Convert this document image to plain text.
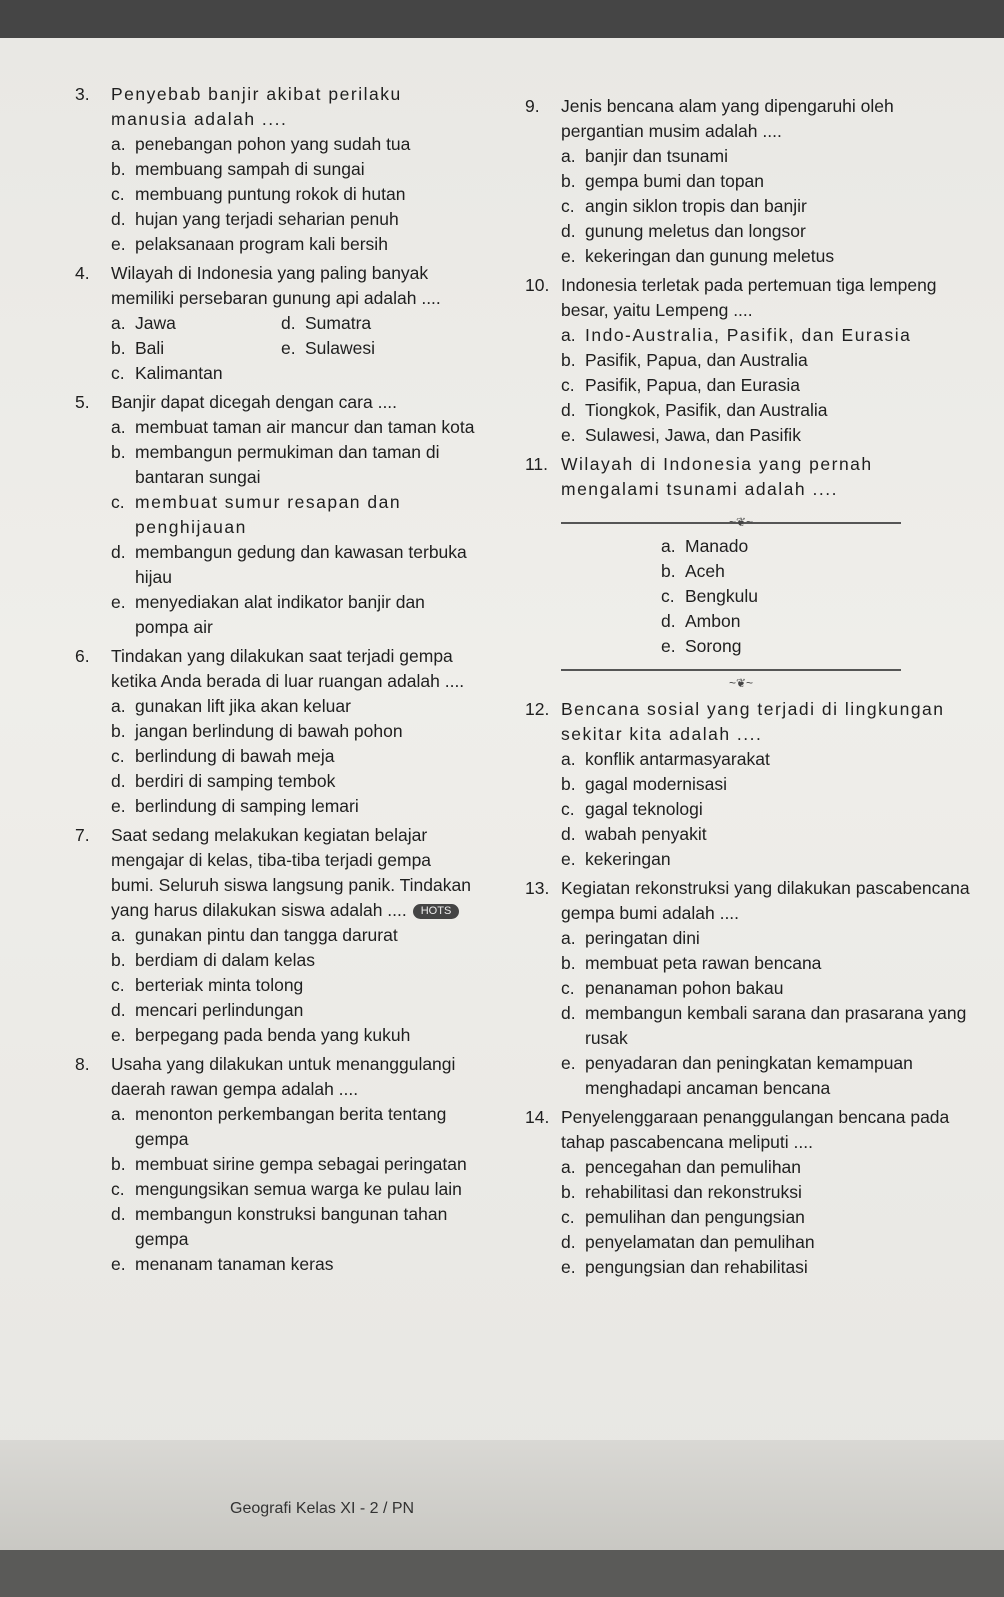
3.	Penyebab banjir akibat perilaku manusia adalah ....
a. penebangan pohon yang sudah tua
b. membuang sampah di sungai
c. membuang puntung rokok di hutan
d. hujan yang terjadi seharian penuh
e. pelaksanaan program kali bersih
4.	Wilayah di Indonesia yang paling banyak memiliki persebaran gunung api adalah ....
a. Jawa	d. Sumatra
b. Bali	e. Sulawesi
c. Kalimantan
5.	Banjir dapat dicegah dengan cara ....
a. membuat taman air mancur dan taman kota
b. membangun permukiman dan taman di bantaran sungai
c. membuat sumur resapan dan penghijauan
d. membangun gedung dan kawasan terbuka hijau
e. menyediakan alat indikator banjir dan pompa air
6.	Tindakan yang dilakukan saat terjadi gempa ketika Anda berada di luar ruangan adalah ....
a. gunakan lift jika akan keluar
b. jangan berlindung di bawah pohon
c. berlindung di bawah meja
d. berdiri di samping tembok
e. berlindung di samping lemari
7.	Saat sedang melakukan kegiatan belajar mengajar di kelas, tiba-tiba terjadi gempa bumi. Seluruh siswa langsung panik. Tindakan yang harus dilakukan siswa adalah .... HOTS
a. gunakan pintu dan tangga darurat
b. berdiam di dalam kelas
c. berteriak minta tolong
d. mencari perlindungan
e. berpegang pada benda yang kukuh
8.	Usaha yang dilakukan untuk menanggulangi daerah rawan gempa adalah ....
a. menonton perkembangan berita tentang gempa
b. membuat sirine gempa sebagai peringatan
c. mengungsikan semua warga ke pulau lain
d. membangun konstruksi bangunan tahan gempa
e. menanam tanaman keras
9.	Jenis bencana alam yang dipengaruhi oleh pergantian musim adalah ....
a. banjir dan tsunami
b. gempa bumi dan topan
c. angin siklon tropis dan banjir
d. gunung meletus dan longsor
e. kekeringan dan gunung meletus
10. Indonesia terletak pada pertemuan tiga lempeng besar, yaitu Lempeng ....
a. Indo-Australia, Pasifik, dan Eurasia
b. Pasifik, Papua, dan Australia
c. Pasifik, Papua, dan Eurasia
d. Tiongkok, Pasifik, dan Australia
e. Sulawesi, Jawa, dan Pasifik
11. Wilayah di Indonesia yang pernah mengalami tsunami adalah ....
~❦~
a. Manado
b. Aceh
c. Bengkulu
d. Ambon
e. Sorong
~❦~
12. Bencana sosial yang terjadi di lingkungan sekitar kita adalah ....
a. konflik antarmasyarakat
b. gagal modernisasi
c. gagal teknologi
d. wabah penyakit
e. kekeringan
13. Kegiatan rekonstruksi yang dilakukan pascabencana gempa bumi adalah ....
a. peringatan dini
b. membuat peta rawan bencana
c. penanaman pohon bakau
d. membangun kembali sarana dan prasarana yang rusak
e. penyadaran dan peningkatan kemampuan menghadapi ancaman bencana
14. Penyelenggaraan penanggulangan bencana pada tahap pascabencana meliputi ....
a. pencegahan dan pemulihan
b. rehabilitasi dan rekonstruksi
c. pemulihan dan pengungsian
d. penyelamatan dan pemulihan
e. pengungsian dan rehabilitasi
Geografi Kelas XI - 2 / PN
